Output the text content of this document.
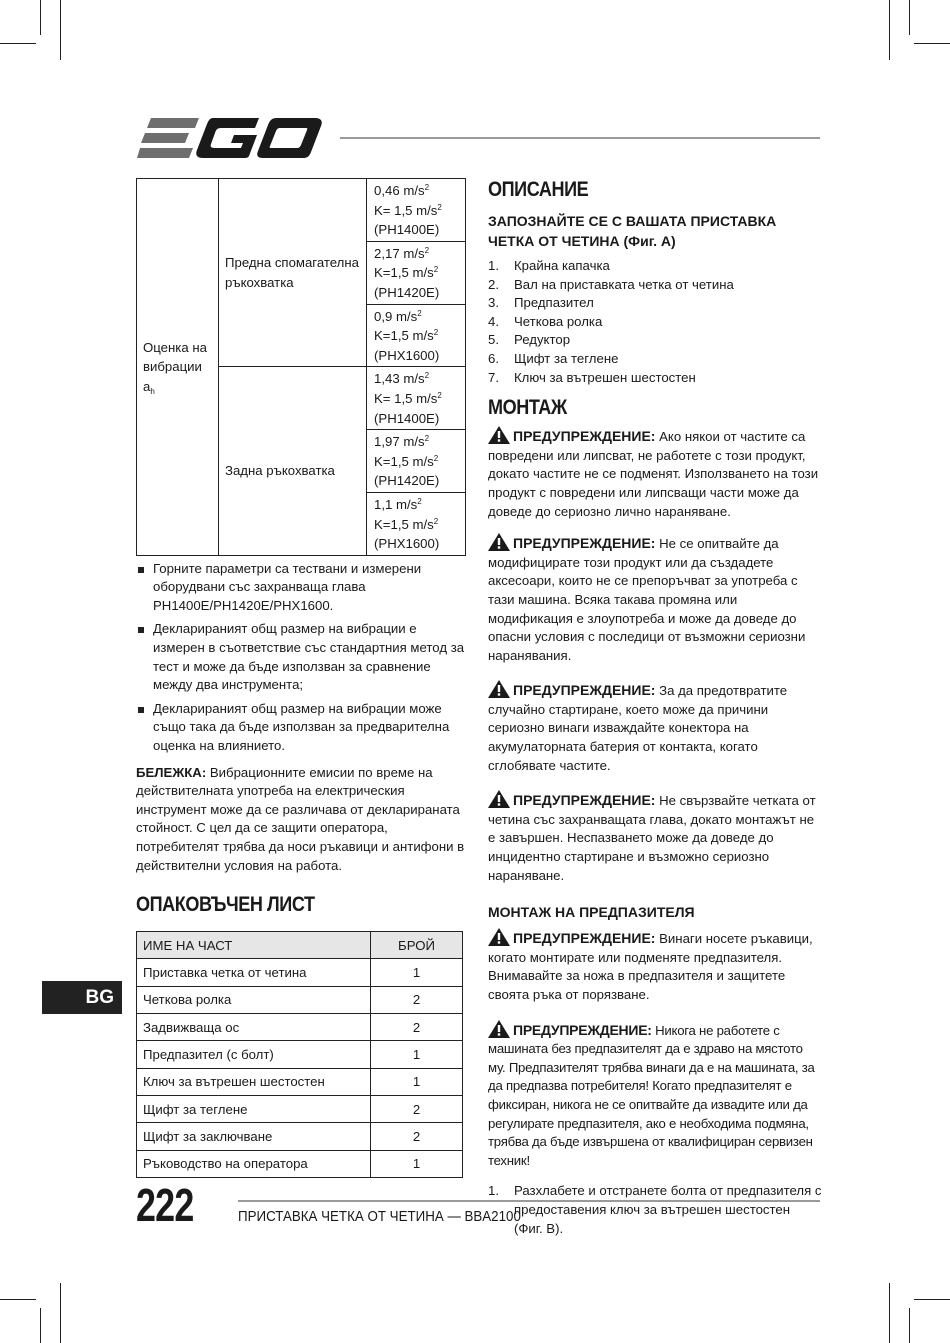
Оценка на вибрации $a_h$	Предна спомагателна ръкохватка	0,46 $m/s^2$
K= 1,5 $m/s^2$
(PH1400E)
		2,17 $m/s^2$
K=1,5 $m/s^2$
(PH1420E)
		0,9 $m/s^2$
K=1,5 $m/s^2$
(PHX1600)
	Задна ръкохватка	1,43 $m/s^2$
K= 1,5 $m/s^2$
(PH1400E)
		1,97 $m/s^2$
K=1,5 $m/s^2$
(PH1420E)
		1,1 $m/s^2$
K=1,5 $m/s^2$
(PHX1600)
Горните параметри са тествани и измерени оборудвани със захранваща глава PH1400E/PH1420E/PHX1600.
Декларираният общ размер на вибрации е измерен в съответствие със стандартния метод за тест и може да бъде използван за сравнение между два инструмента;
Декларираният общ размер на вибрации може също така да бъде използван за предварителна оценка на влиянието.

БЕЛЕЖКА: Вибрационните емисии по време на действителната употреба на електрическия инструмент може да се различава от декларираната стойност. С цел да се защити оператора, потребителят трябва да носи ръкавици и антифони в действителни условия на работа.

ОПАКОВЪЧЕН ЛИСТ
ИМЕ НА ЧАСТ	БРОЙ
Приставка четка от четина	1
Четкова ролка	2
Задвижваща ос	2
Предпазител (с болт)	1
Ключ за вътрешен шестостен	1
Щифт за теглене	2
Щифт за заключване	2
Ръководство на оператора	1
ОПИСАНИЕ
ЗАПОЗНАЙТЕ СЕ С ВАШАТА ПРИСТАВКА ЧЕТКА ОТ ЧЕТИНА (Фиг. A)
1. Крайна капачка
2. Вал на приставката четка от четина
3. Предпазител
4. Четкова ролка
5. Редуктор
6. Щифт за теглене
7. Ключ за вътрешен шестостен
МОНТАЖ

ПРЕДУПРЕЖДЕНИЕ: Ако някои от частите са повредени или липсват, не работете с този продукт, докато частите не се подменят. Използването на този продукт с повредени или липсващи части може да доведе до сериозно лично нараняване.

ПРЕДУПРЕЖДЕНИЕ: Не се опитвайте да модифицирате този продукт или да създадете аксесоари, които не се препоръчват за употреба с тази машина. Всяка такава промяна или модификация е злоупотреба и може да доведе до опасни условия с последици от възможни сериозни наранявания.

ПРЕДУПРЕЖДЕНИЕ: За да предотвратите случайно стартиране, което може да причини сериозно винаги изваждайте конектора на акумулаторната батерия от контакта, когато сглобявате частите.

ПРЕДУПРЕЖДЕНИЕ: Не свързвайте четката от четина със захранващата глава, докато монтажът не е завършен. Неспазването може да доведе до инцидентно стартиране и възможно сериозно нараняване.

МОНТАЖ НА ПРЕДПАЗИТЕЛЯ

ПРЕДУПРЕЖДЕНИЕ: Винаги носете ръкавици, когато монтирате или подменяте предпазителя. Внимавайте за ножа в предпазителя и защитете своята ръка от порязване.

ПРЕДУПРЕЖДЕНИЕ: Никога не работете с машината без предпазителят да е здраво на мястото му. Предпазителят трябва винаги да е на машината, за да предпазва потребителя! Когато предпазителят е фиксиран, никога не се опитвайте да извадите или да регулирате предпазителя, ако е необходима подмяна, трябва да бъде извършена от квалифициран сервизен техник!

1. Разхлабете и отстранете болта от предпазителя с предоставения ключ за вътрешен шестостен (Фиг. B).
BG
222	ПРИСТАВКА ЧЕТКА ОТ ЧЕТИНА — BBA2100
